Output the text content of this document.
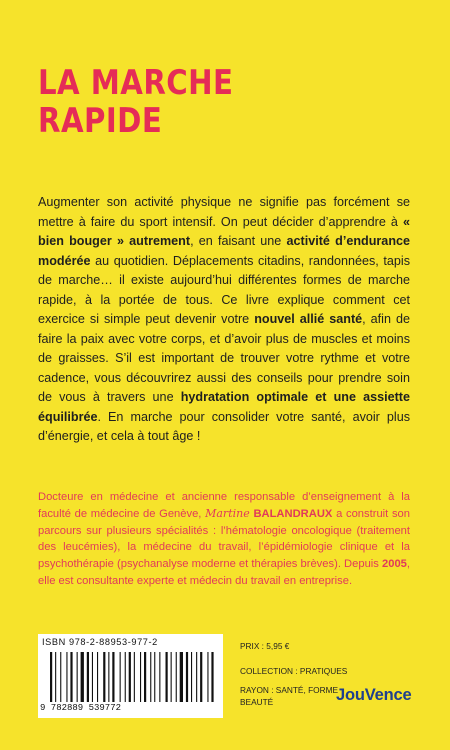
LA MARCHE
RAPIDE

Augmenter son activité physique ne signifie pas forcément se mettre à faire du sport intensif. On peut décider d’apprendre à « bien bouger » autrement, en faisant une activité d’endurance modérée au quotidien. Déplacements citadins, randonnées, tapis de marche… il existe aujourd’hui différentes formes de marche rapide, à la portée de tous. Ce livre explique comment cet exercice si simple peut devenir votre nouvel allié santé, afin de faire la paix avec votre corps, et d’avoir plus de muscles et moins de graisses. S’il est important de trouver votre rythme et votre cadence, vous découvrirez aussi des conseils pour prendre soin de vous à travers une hydratation optimale et une assiette équilibrée. En marche pour consolider votre santé, avoir plus d’énergie, et cela à tout âge !

Docteure en médecine et ancienne responsable d’enseignement à la faculté de médecine de Genève, Martine BALANDRAUX a construit son parcours sur plusieurs spécialités : l’hématologie oncologique (traitement des leucémies), la médecine du travail, l’épidémiologie clinique et la psychothérapie (psychanalyse moderne et thérapies brèves). Depuis 2005, elle est consultante experte et médecin du travail en entreprise.

ISBN 978-2-88953-977-2
9 782889 539772
PRIX : 5,95 €
COLLECTION : PRATIQUES
RAYON : SANTÉ, FORME BEAUTÉ	JouVence
